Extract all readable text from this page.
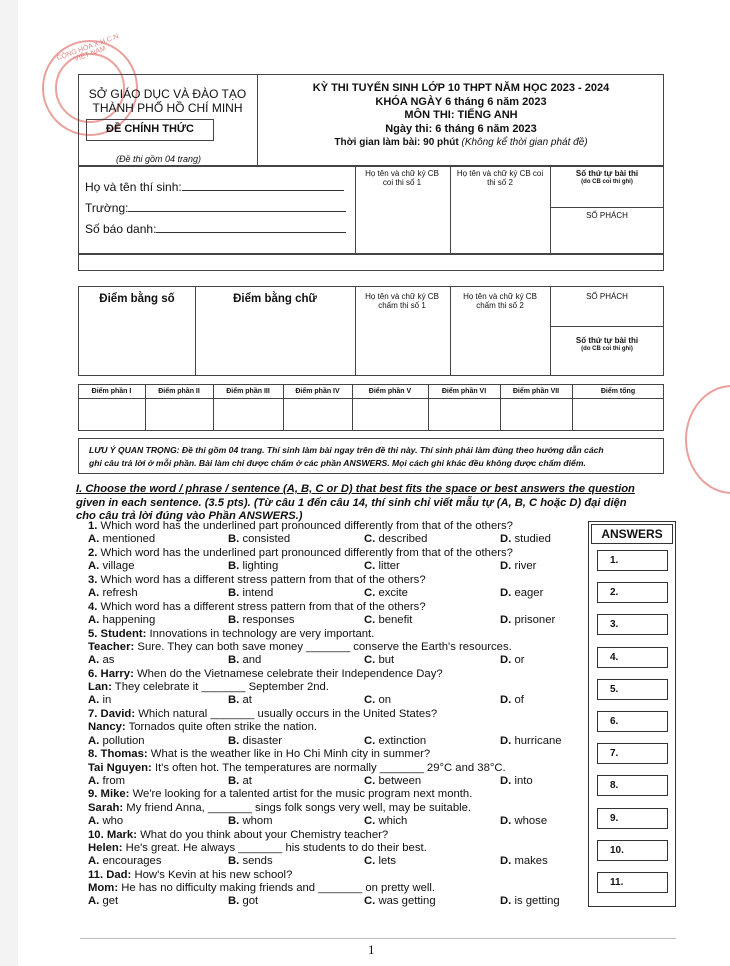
CỘNG HÒA X.H.C.N VIỆT NAM
SỞ GIÁO DỤC VÀ ĐÀO TẠO
THÀNH PHỐ HỒ CHÍ MINH
ĐỀ CHÍNH THỨC
(Đề thi gồm 04 trang)
KỲ THI TUYỂN SINH LỚP 10 THPT NĂM HỌC 2023 - 2024
KHÓA NGÀY 6 tháng 6 năm 2023
MÔN THI: TIẾNG ANH
Ngày thi: 6 tháng 6 năm 2023
Thời gian làm bài: 90 phút (Không kể thời gian phát đề)
Họ và tên thí sinh:
Trường:
Số báo danh:
Họ tên và chữ ký CB coi thi số 1
Họ tên và chữ ký CB coi thi số 2
Số thứ tự bài thi
(do CB coi thi ghi)
SỐ PHÁCH
Điểm bằng số	Điểm bằng chữ	Họ tên và chữ ký CB chấm thi số 1
Họ tên và chữ ký CB chấm thi số 2
SỐ PHÁCH
Số thứ tự bài thi
(do CB coi thi ghi)
Điểm phần I	Điểm phần II	Điểm phần III	Điểm phần IV	Điểm phần V	Điểm phần VI	Điểm phần VII	Điểm tổng
LƯU Ý QUAN TRỌNG: Đề thi gồm 04 trang. Thí sinh làm bài ngay trên đề thi này. Thí sinh phải làm đúng theo hướng dẫn cách
ghi câu trả lời ở mỗi phần. Bài làm chỉ được chấm ở các phần ANSWERS. Mọi cách ghi khác đều không được chấm điểm.
I. Choose the word / phrase / sentence (A, B, C or D) that best fits the space or best answers the question
given in each sentence. (3.5 pts). (Từ câu 1 đến câu 14, thí sinh chỉ viết mẫu tự (A, B, C hoặc D) đại diện
cho câu trả lời đúng vào Phần ANSWERS.)
ANSWERS
1.
2.
3.
4.
5.
6.
7.
8.
9.
10.
11.
1. Which word has the underlined part pronounced differently from that of the others?
A. mentioned	B. consisted	C. described	D. studied
2. Which word has the underlined part pronounced differently from that of the others?
A. village	B. lighting	C. litter	D. river
3. Which word has a different stress pattern from that of the others?
A. refresh	B. intend	C. excite	D. eager
4. Which word has a different stress pattern from that of the others?
A. happening	B. responses	C. benefit	D. prisoner
5. Student: Innovations in technology are very important.
Teacher: Sure. They can both save money _______ conserve the Earth's resources.
A. as	B. and	C. but	D. or
6. Harry: When do the Vietnamese celebrate their Independence Day?
Lan: They celebrate it _______ September 2nd.
A. in	B. at	C. on	D. of
7. David: Which natural _______ usually occurs in the United States?
Nancy: Tornados quite often strike the nation.
A. pollution	B. disaster	C. extinction	D. hurricane
8. Thomas: What is the weather like in Ho Chi Minh city in summer?
Tai Nguyen: It's often hot. The temperatures are normally _______ 29°C and 38°C.
A. from	B. at	C. between	D. into
9. Mike: We're looking for a talented artist for the music program next month.
Sarah: My friend Anna, _______ sings folk songs very well, may be suitable.
A. who	B. whom	C. which	D. whose
10. Mark: What do you think about your Chemistry teacher?
Helen: He's great. He always _______ his students to do their best.
A. encourages	B. sends	C. lets	D. makes
11. Dad: How's Kevin at his new school?
Mom: He has no difficulty making friends and _______ on pretty well.
A. get	B. got	C. was getting	D. is getting
1
